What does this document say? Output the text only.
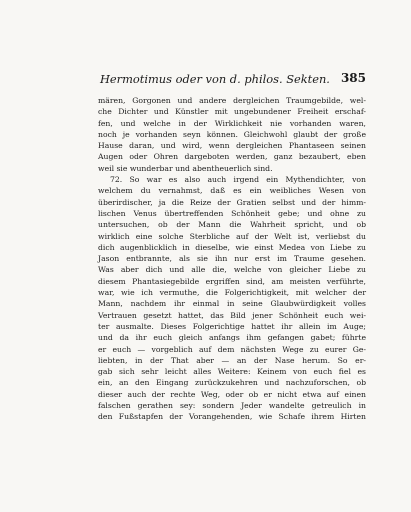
Hermotimus oder von d. philos. Sekten. 385
mären, Gorgonen und andere dergleichen Traumgebilde, wel-
che Dichter und Künstler mit ungebundener Freiheit erschaf-
fen, und welche in der Wirklichkeit nie vorhanden waren,
noch je vorhanden seyn können. Gleichwohl glaubt der große
Hause daran, und wird, wenn dergleichen Phantaseen seinen
Augen oder Ohren dargeboten werden, ganz bezaubert, eben
weil sie wunderbar und abentheuerlich sind.
72. So war es also auch irgend ein Mythendichter, von
welchem du vernahmst, daß es ein weibliches Wesen von
überirdischer, ja die Reize der Gratien selbst und der himm-
lischen Venus übertreffenden Schönheit gebe; und ohne zu
untersuchen, ob der Mann die Wahrheit spricht, und ob
wirklich eine solche Sterbliche auf der Welt ist, verliebst du
dich augenblicklich in dieselbe, wie einst Medea von Liebe zu
Jason entbrannte, als sie ihn nur erst im Traume gesehen.
Was aber dich und alle die, welche von gleicher Liebe zu
diesem Phantasiegebilde ergriffen sind, am meisten verführte,
war, wie ich vermuthe, die Folgerichtigkeit, mit welcher der
Mann, nachdem ihr einmal in seine Glaubwürdigkeit volles
Vertrauen gesetzt hattet, das Bild jener Schönheit euch wei-
ter ausmalte. Dieses Folgerichtige hattet ihr allein im Auge;
und da ihr euch gleich anfangs ihm gefangen gabet; führte
er euch — vorgeblich auf dem nächsten Wege zu eurer Ge-
liebten, in der That aber — an der Nase herum. So er-
gab sich sehr leicht alles Weitere: Keinem von euch fiel es
ein, an den Eingang zurückzukehren und nachzuforschen, ob
dieser auch der rechte Weg, oder ob er nicht etwa auf einen
falschen gerathen sey: sondern Jeder wandelte getreulich in
den Fußstapfen der Vorangehenden, wie Schafe ihrem Hirten
